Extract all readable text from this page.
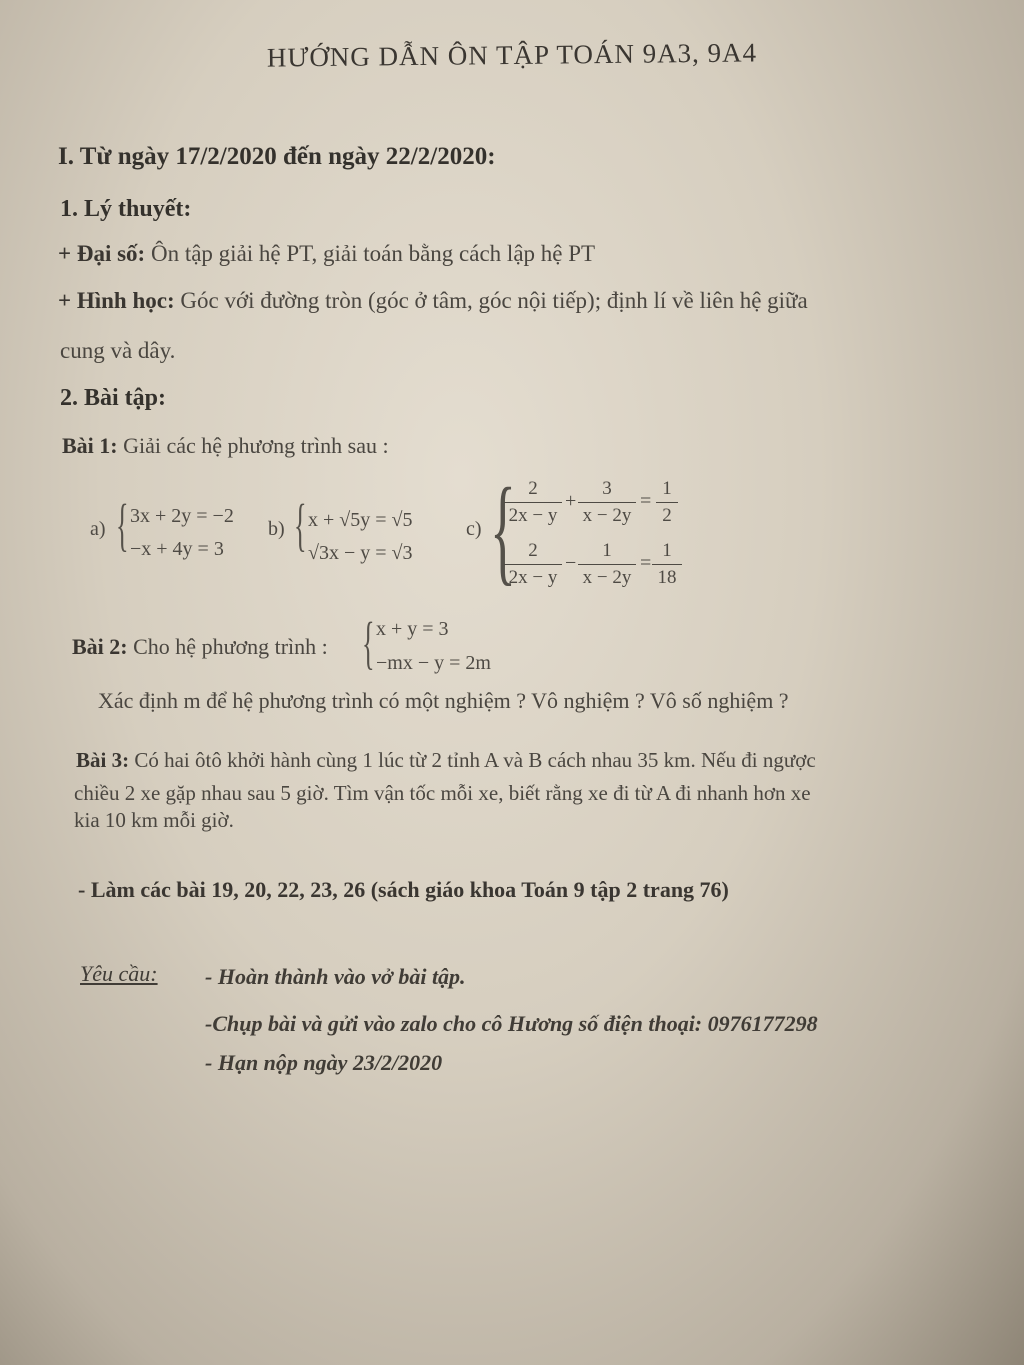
HƯỚNG DẪN ÔN TẬP TOÁN 9A3, 9A4
I. Từ ngày 17/2/2020 đến ngày 22/2/2020:
1. Lý thuyết:
+ Đại số: Ôn tập giải hệ PT, giải toán bằng cách lập hệ PT
+ Hình học: Góc với đường tròn (góc ở tâm, góc nội tiếp); định lí về liên hệ giữa
cung và dây.
2. Bài tập:
Bài 1: Giải các hệ phương trình sau :
a) { 3x + 2y = −2
−x + 4y = 3
b) { x + √5y = √5
√3x − y = √3
c) {
$\frac{2}{2x - y} + \frac{3}{x - 2y} = \frac{1}{2}$
$\frac{2}{2x - y} - \frac{1}{x - 2y} = \frac{1}{18}$
Bài 2: Cho hệ phương trình : { x + y = 3
−mx − y = 2m
Xác định m để hệ phương trình có một nghiệm ? Vô nghiệm ? Vô số nghiệm ?
Bài 3: Có hai ôtô khởi hành cùng 1 lúc từ 2 tỉnh A và B cách nhau 35 km. Nếu đi ngược
chiều 2 xe gặp nhau sau 5 giờ. Tìm vận tốc mỗi xe, biết rằng xe đi từ A đi nhanh hơn xe
kia 10 km mỗi giờ.
- Làm các bài 19, 20, 22, 23, 26 (sách giáo khoa Toán 9 tập 2 trang 76)
Yêu cầu: - Hoàn thành vào vở bài tập.
-Chụp bài và gửi vào zalo cho cô Hương số điện thoại: 0976177298
- Hạn nộp ngày 23/2/2020
